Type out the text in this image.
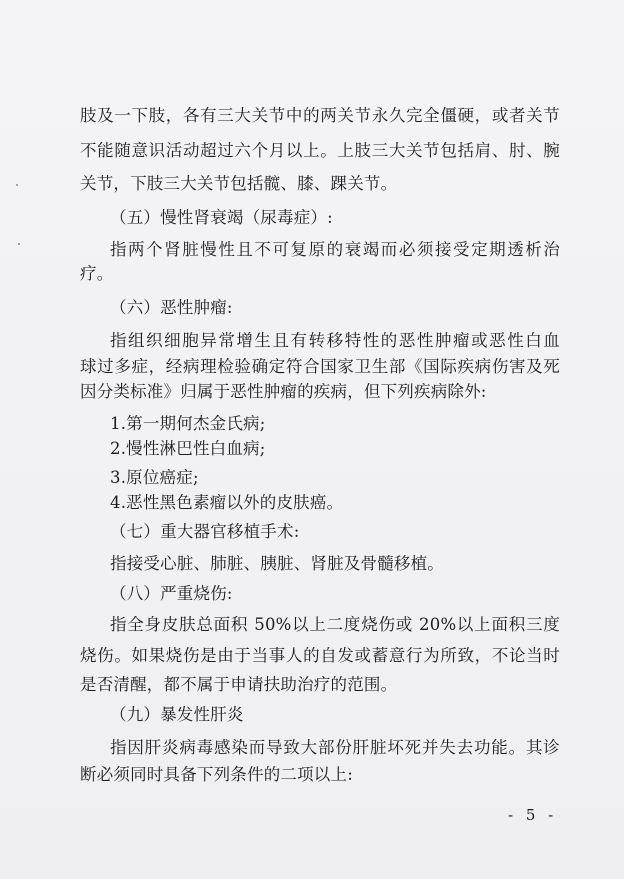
肢及一下肢，各有三大关节中的两关节永久完全僵硬，或者关节
不能随意识活动超过六个月以上。上肢三大关节包括肩、肘、腕
关节，下肢三大关节包括髋、膝、踝关节。
（五）慢性肾衰竭（尿毒症）:
指两个肾脏慢性且不可复原的衰竭而必须接受定期透析治
疗。
（六）恶性肿瘤:
指组织细胞异常增生且有转移特性的恶性肿瘤或恶性白血
球过多症，经病理检验确定符合国家卫生部《国际疾病伤害及死
因分类标准》归属于恶性肿瘤的疾病，但下列疾病除外:
1.第一期何杰金氏病;
2.慢性淋巴性白血病;
3.原位癌症;
4.恶性黑色素瘤以外的皮肤癌。
（七）重大器官移植手术:
指接受心脏、肺脏、胰脏、肾脏及骨髓移植。
（八）严重烧伤:
指全身皮肤总面积 50%以上二度烧伤或 20%以上面积三度
烧伤。如果烧伤是由于当事人的自发或蓄意行为所致，不论当时
是否清醒，都不属于申请扶助治疗的范围。
（九）暴发性肝炎
指因肝炎病毒感染而导致大部份肝脏坏死并失去功能。其诊
断必须同时具备下列条件的二项以上:
- 5 -
